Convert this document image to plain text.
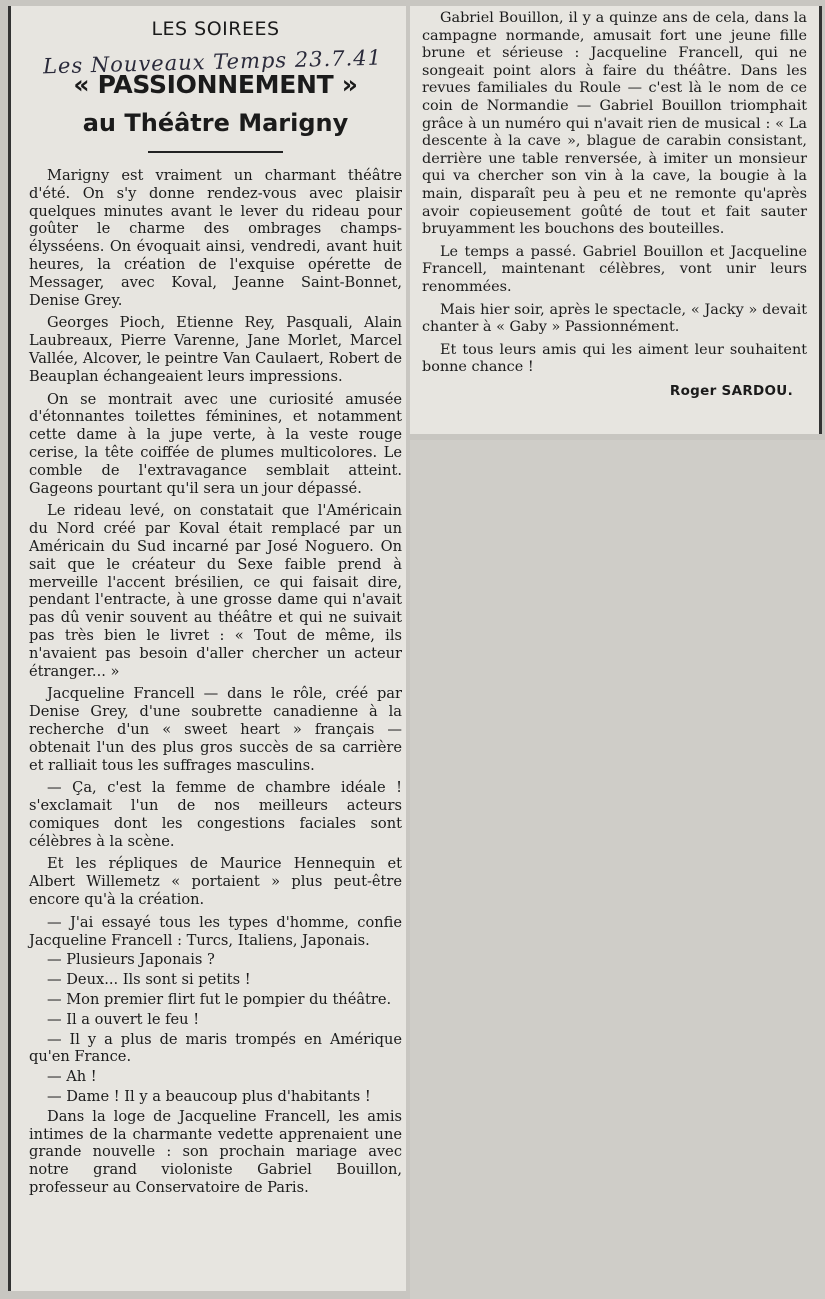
LES SOIREES
Les Nouveaux Temps 23.7.41
« PASSIONNEMENT »
au Théâtre Marigny

Marigny est vraiment un charmant théâtre d'été. On s'y donne rendez-vous avec plaisir quelques minutes avant le lever du rideau pour goûter le charme des ombrages champs-élysséens. On évoquait ainsi, vendredi, avant huit heures, la création de l'exquise opérette de Messager, avec Koval, Jeanne Saint-Bonnet, Denise Grey.

Georges Pioch, Etienne Rey, Pasquali, Alain Laubreaux, Pierre Varenne, Jane Morlet, Marcel Vallée, Alcover, le peintre Van Caulaert, Robert de Beauplan échangeaient leurs impressions.

On se montrait avec une curiosité amusée d'étonnantes toilettes féminines, et notamment cette dame à la jupe verte, à la veste rouge cerise, la tête coiffée de plumes multicolores. Le comble de l'extravagance semblait atteint. Gageons pourtant qu'il sera un jour dépassé.

Le rideau levé, on constatait que l'Américain du Nord créé par Koval était remplacé par un Américain du Sud incarné par José Noguero. On sait que le créateur du Sexe faible prend à merveille l'accent brésilien, ce qui faisait dire, pendant l'entracte, à une grosse dame qui n'avait pas dû venir souvent au théâtre et qui ne suivait pas très bien le livret : « Tout de même, ils n'avaient pas besoin d'aller chercher un acteur étranger... »

Jacqueline Francell — dans le rôle, créé par Denise Grey, d'une soubrette canadienne à la recherche d'un « sweet heart » français — obtenait l'un des plus gros succès de sa carrière et ralliait tous les suffrages masculins.

— Ça, c'est la femme de chambre idéale ! s'exclamait l'un de nos meilleurs acteurs comiques dont les congestions faciales sont célèbres à la scène.

Et les répliques de Maurice Hennequin et Albert Willemetz « portaient » plus peut-être encore qu'à la création.

— J'ai essayé tous les types d'homme, confie Jacqueline Francell : Turcs, Italiens, Japonais.

— Plusieurs Japonais ?

— Deux... Ils sont si petits !

— Mon premier flirt fut le pompier du théâtre.

— Il a ouvert le feu !

— Il y a plus de maris trompés en Amérique qu'en France.

— Ah !

— Dame ! Il y a beaucoup plus d'habitants !

Dans la loge de Jacqueline Francell, les amis intimes de la charmante vedette apprenaient une grande nouvelle : son prochain mariage avec notre grand violoniste Gabriel Bouillon, professeur au Conservatoire de Paris.

Gabriel Bouillon, il y a quinze ans de cela, dans la campagne normande, amusait fort une jeune fille brune et sérieuse : Jacqueline Francell, qui ne songeait point alors à faire du théâtre. Dans les revues familiales du Roule — c'est là le nom de ce coin de Normandie — Gabriel Bouillon triomphait grâce à un numéro qui n'avait rien de musical : « La descente à la cave », blague de carabin consistant, derrière une table renversée, à imiter un monsieur qui va chercher son vin à la cave, la bougie à la main, disparaît peu à peu et ne remonte qu'après avoir copieusement goûté de tout et fait sauter bruyamment les bouchons des bouteilles.

Le temps a passé. Gabriel Bouillon et Jacqueline Francell, maintenant célèbres, vont unir leurs renommées.

Mais hier soir, après le spectacle, « Jacky » devait chanter à « Gaby » Passionnément.

Et tous leurs amis qui les aiment leur souhaitent bonne chance !

Roger SARDOU.
